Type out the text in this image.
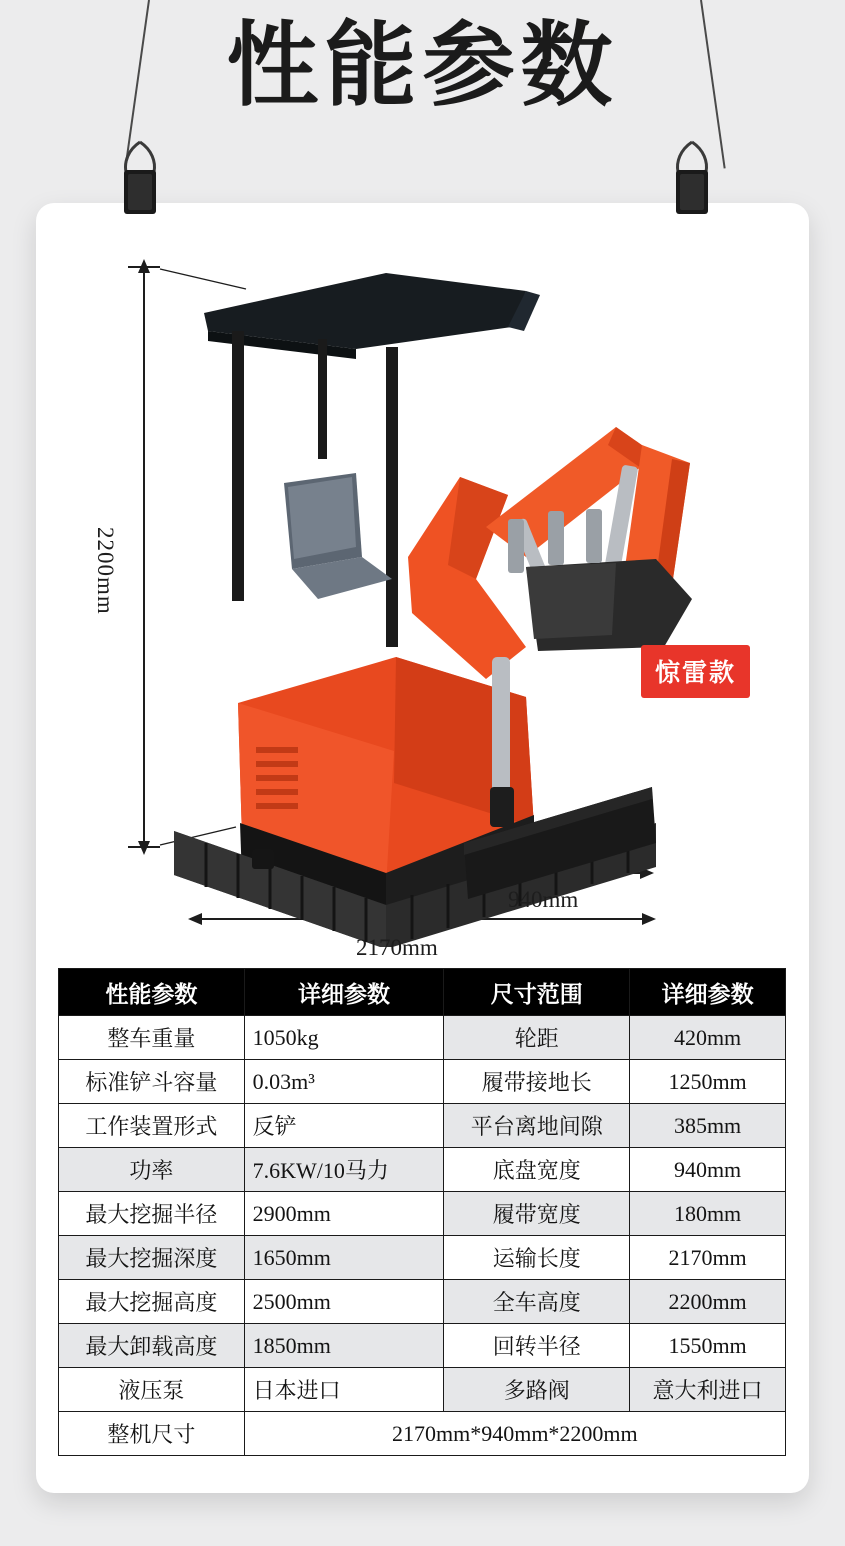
性能参数
2200mm
940mm
2170mm
惊雷款
性能参数	详细参数	尺寸范围	详细参数
整车重量	1050kg	轮距	420mm
标准铲斗容量	0.03m³	履带接地长	1250mm
工作装置形式	反铲	平台离地间隙	385mm
功率	7.6KW/10马力	底盘宽度	940mm
最大挖掘半径	2900mm	履带宽度	180mm
最大挖掘深度	1650mm	运输长度	2170mm
最大挖掘高度	2500mm	全车高度	2200mm
最大卸载高度	1850mm	回转半径	1550mm
液压泵	日本进口	多路阀	意大利进口
整机尺寸	2170mm*940mm*2200mm		
